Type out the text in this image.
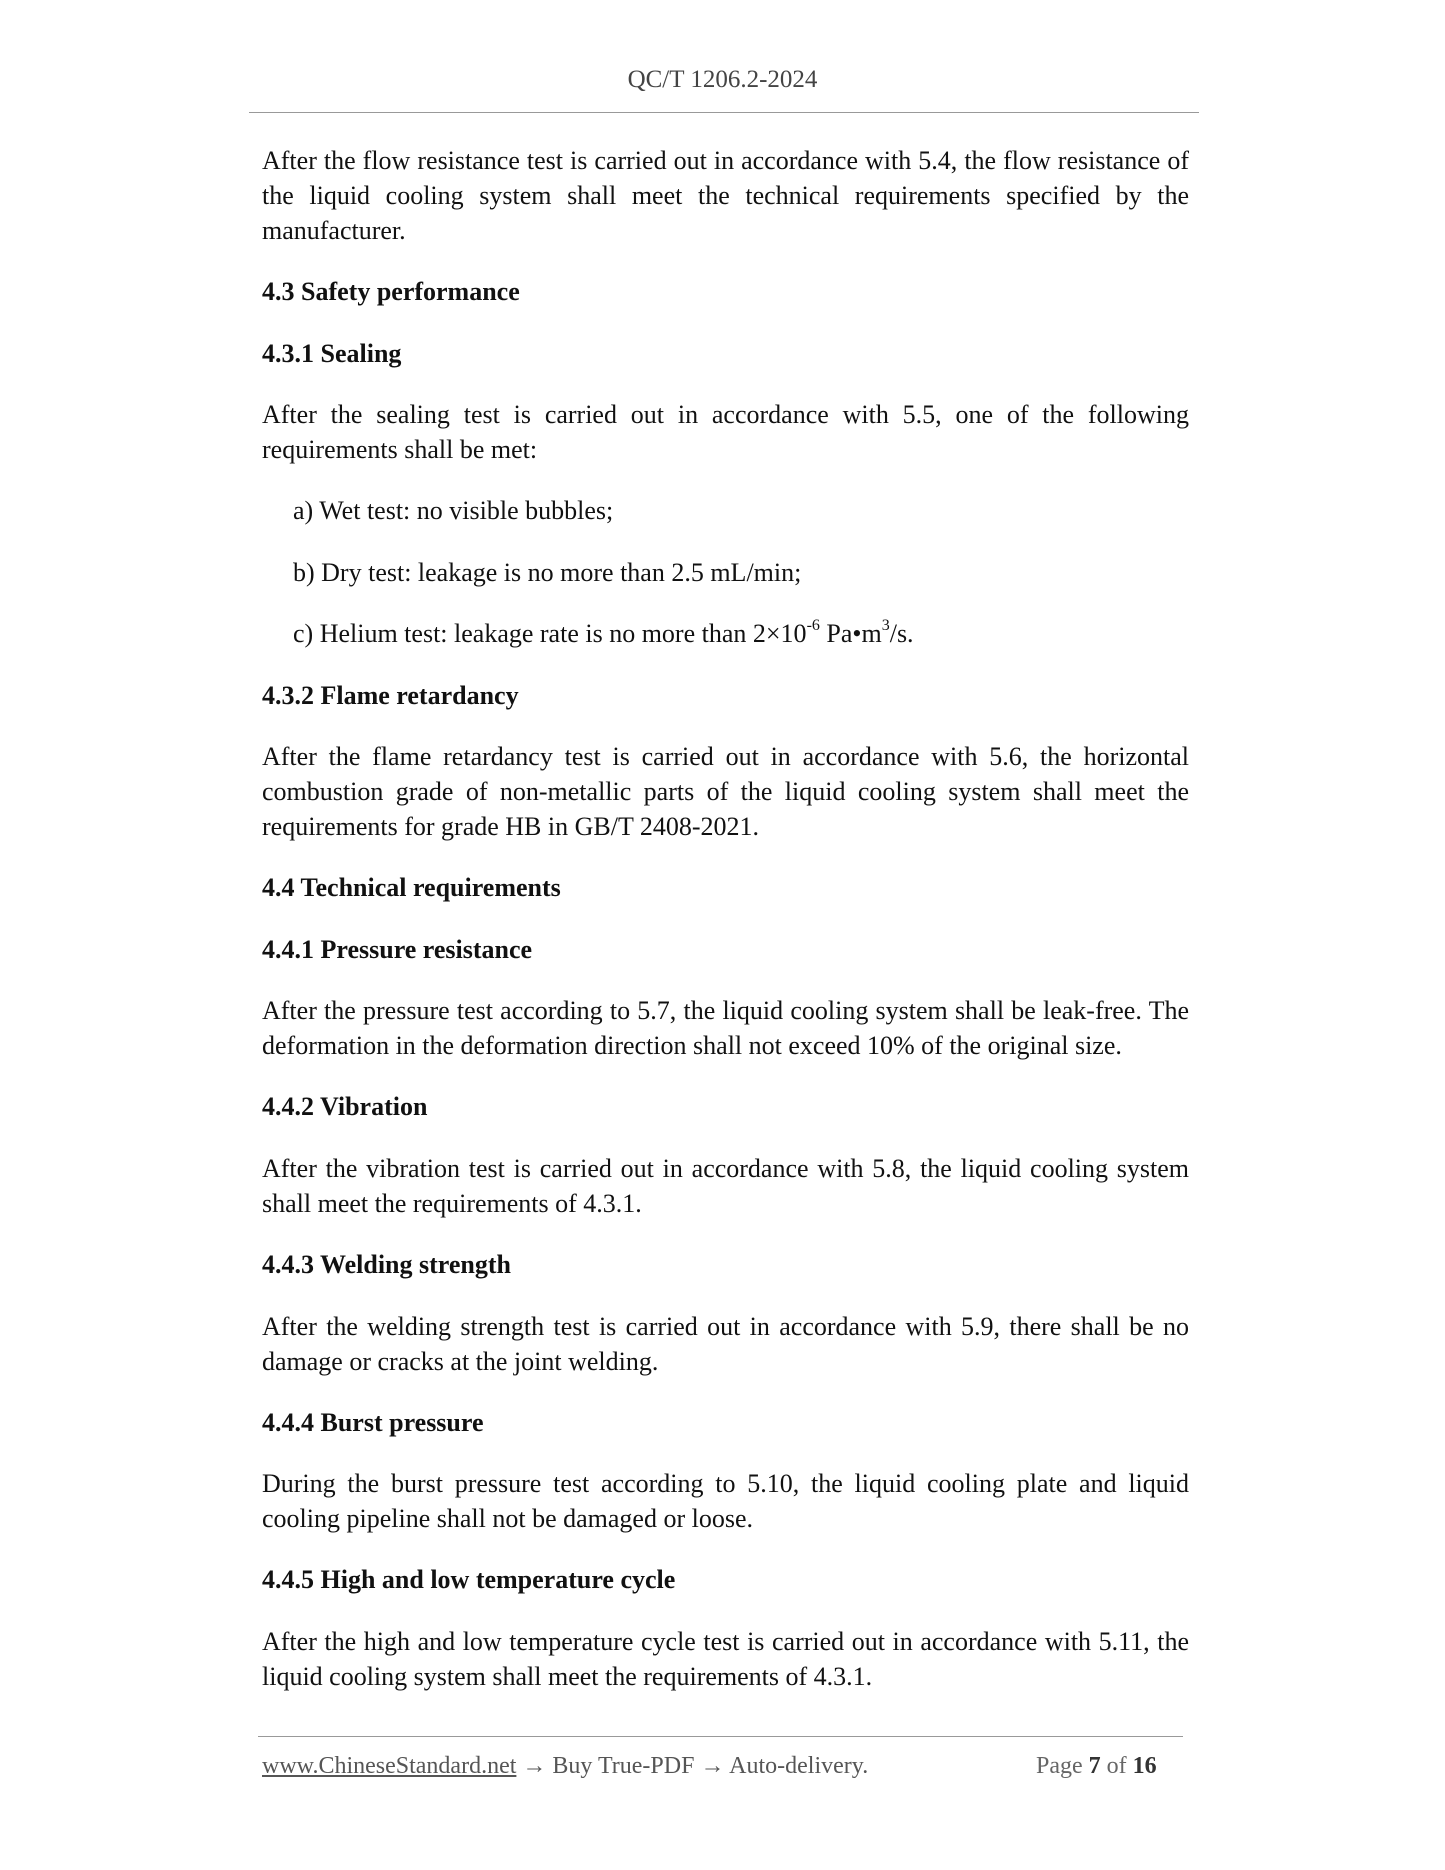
QC/T 1206.2-2024
After the flow resistance test is carried out in accordance with 5.4, the flow resistance of the liquid cooling system shall meet the technical requirements specified by the manufacturer.
4.3 Safety performance
4.3.1 Sealing
After the sealing test is carried out in accordance with 5.5, one of the following requirements shall be met:
a) Wet test: no visible bubbles;
b) Dry test: leakage is no more than 2.5 mL/min;
c) Helium test: leakage rate is no more than $2\times 10^{-6}$ $Pa•m^3/s$.
4.3.2 Flame retardancy
After the flame retardancy test is carried out in accordance with 5.6, the horizontal combustion grade of non-metallic parts of the liquid cooling system shall meet the requirements for grade HB in GB/T 2408-2021.
4.4 Technical requirements
4.4.1 Pressure resistance
After the pressure test according to 5.7, the liquid cooling system shall be leak-free. The deformation in the deformation direction shall not exceed 10% of the original size.
4.4.2 Vibration
After the vibration test is carried out in accordance with 5.8, the liquid cooling system shall meet the requirements of 4.3.1.
4.4.3 Welding strength
After the welding strength test is carried out in accordance with 5.9, there shall be no damage or cracks at the joint welding.
4.4.4 Burst pressure
During the burst pressure test according to 5.10, the liquid cooling plate and liquid cooling pipeline shall not be damaged or loose.
4.4.5 High and low temperature cycle
After the high and low temperature cycle test is carried out in accordance with 5.11, the liquid cooling system shall meet the requirements of 4.3.1.
www.ChineseStandard.net → Buy True-PDF → Auto-delivery.	Page 7 of 16
